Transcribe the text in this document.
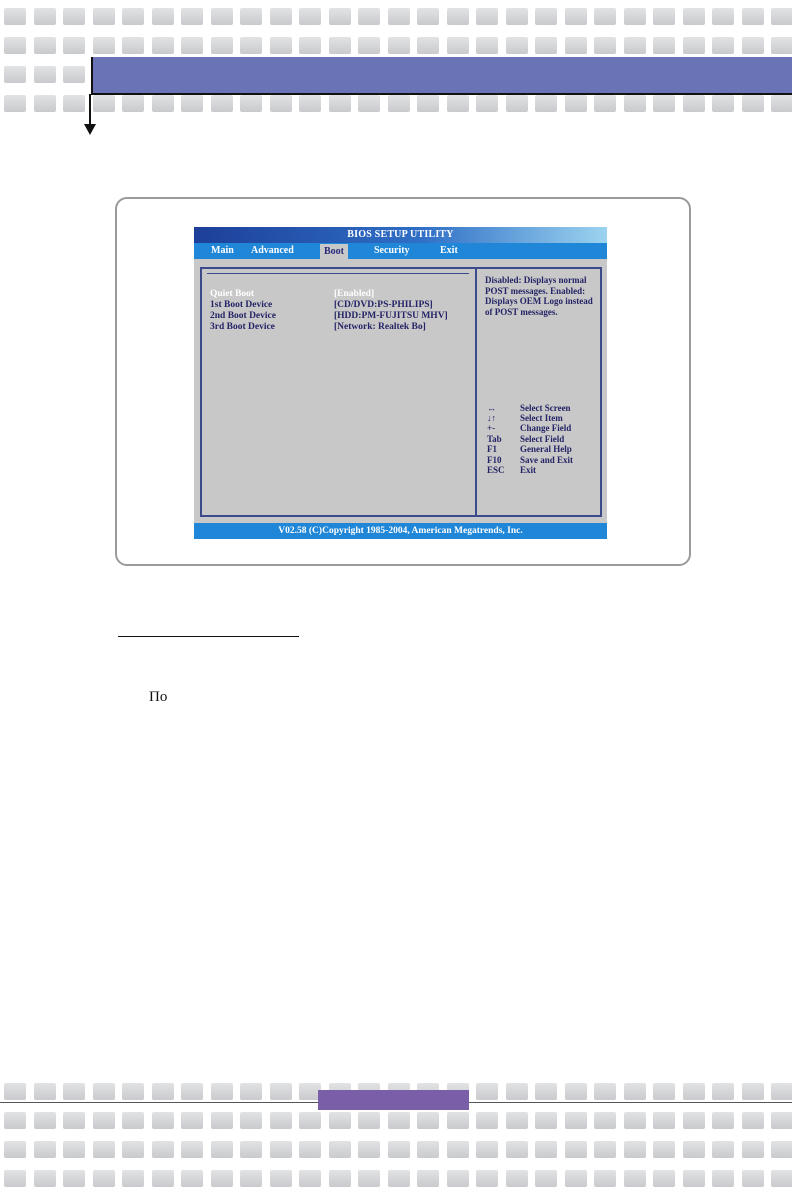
BIOS SETUP UTILITY
Main Advanced	Boot	Security	Exit
Quiet Boot	[Enabled]
1st Boot Device	[CD/DVD:PS-PHILIPS]
2nd Boot Device	[HDD:PM-FUJITSU MHV]
3rd Boot Device	[Network: Realtek Bo]
Disabled: Displays normal POST messages. Enabled: Displays OEM Logo instead of POST messages.
↔	Select Screen
↓↑	Select Item
+-	Change Field
Tab Select Field
F1	General Help
F10 Save and Exit
ESC Exit
V02.58 (C)Copyright 1985-2004, American Megatrends, Inc.
По
